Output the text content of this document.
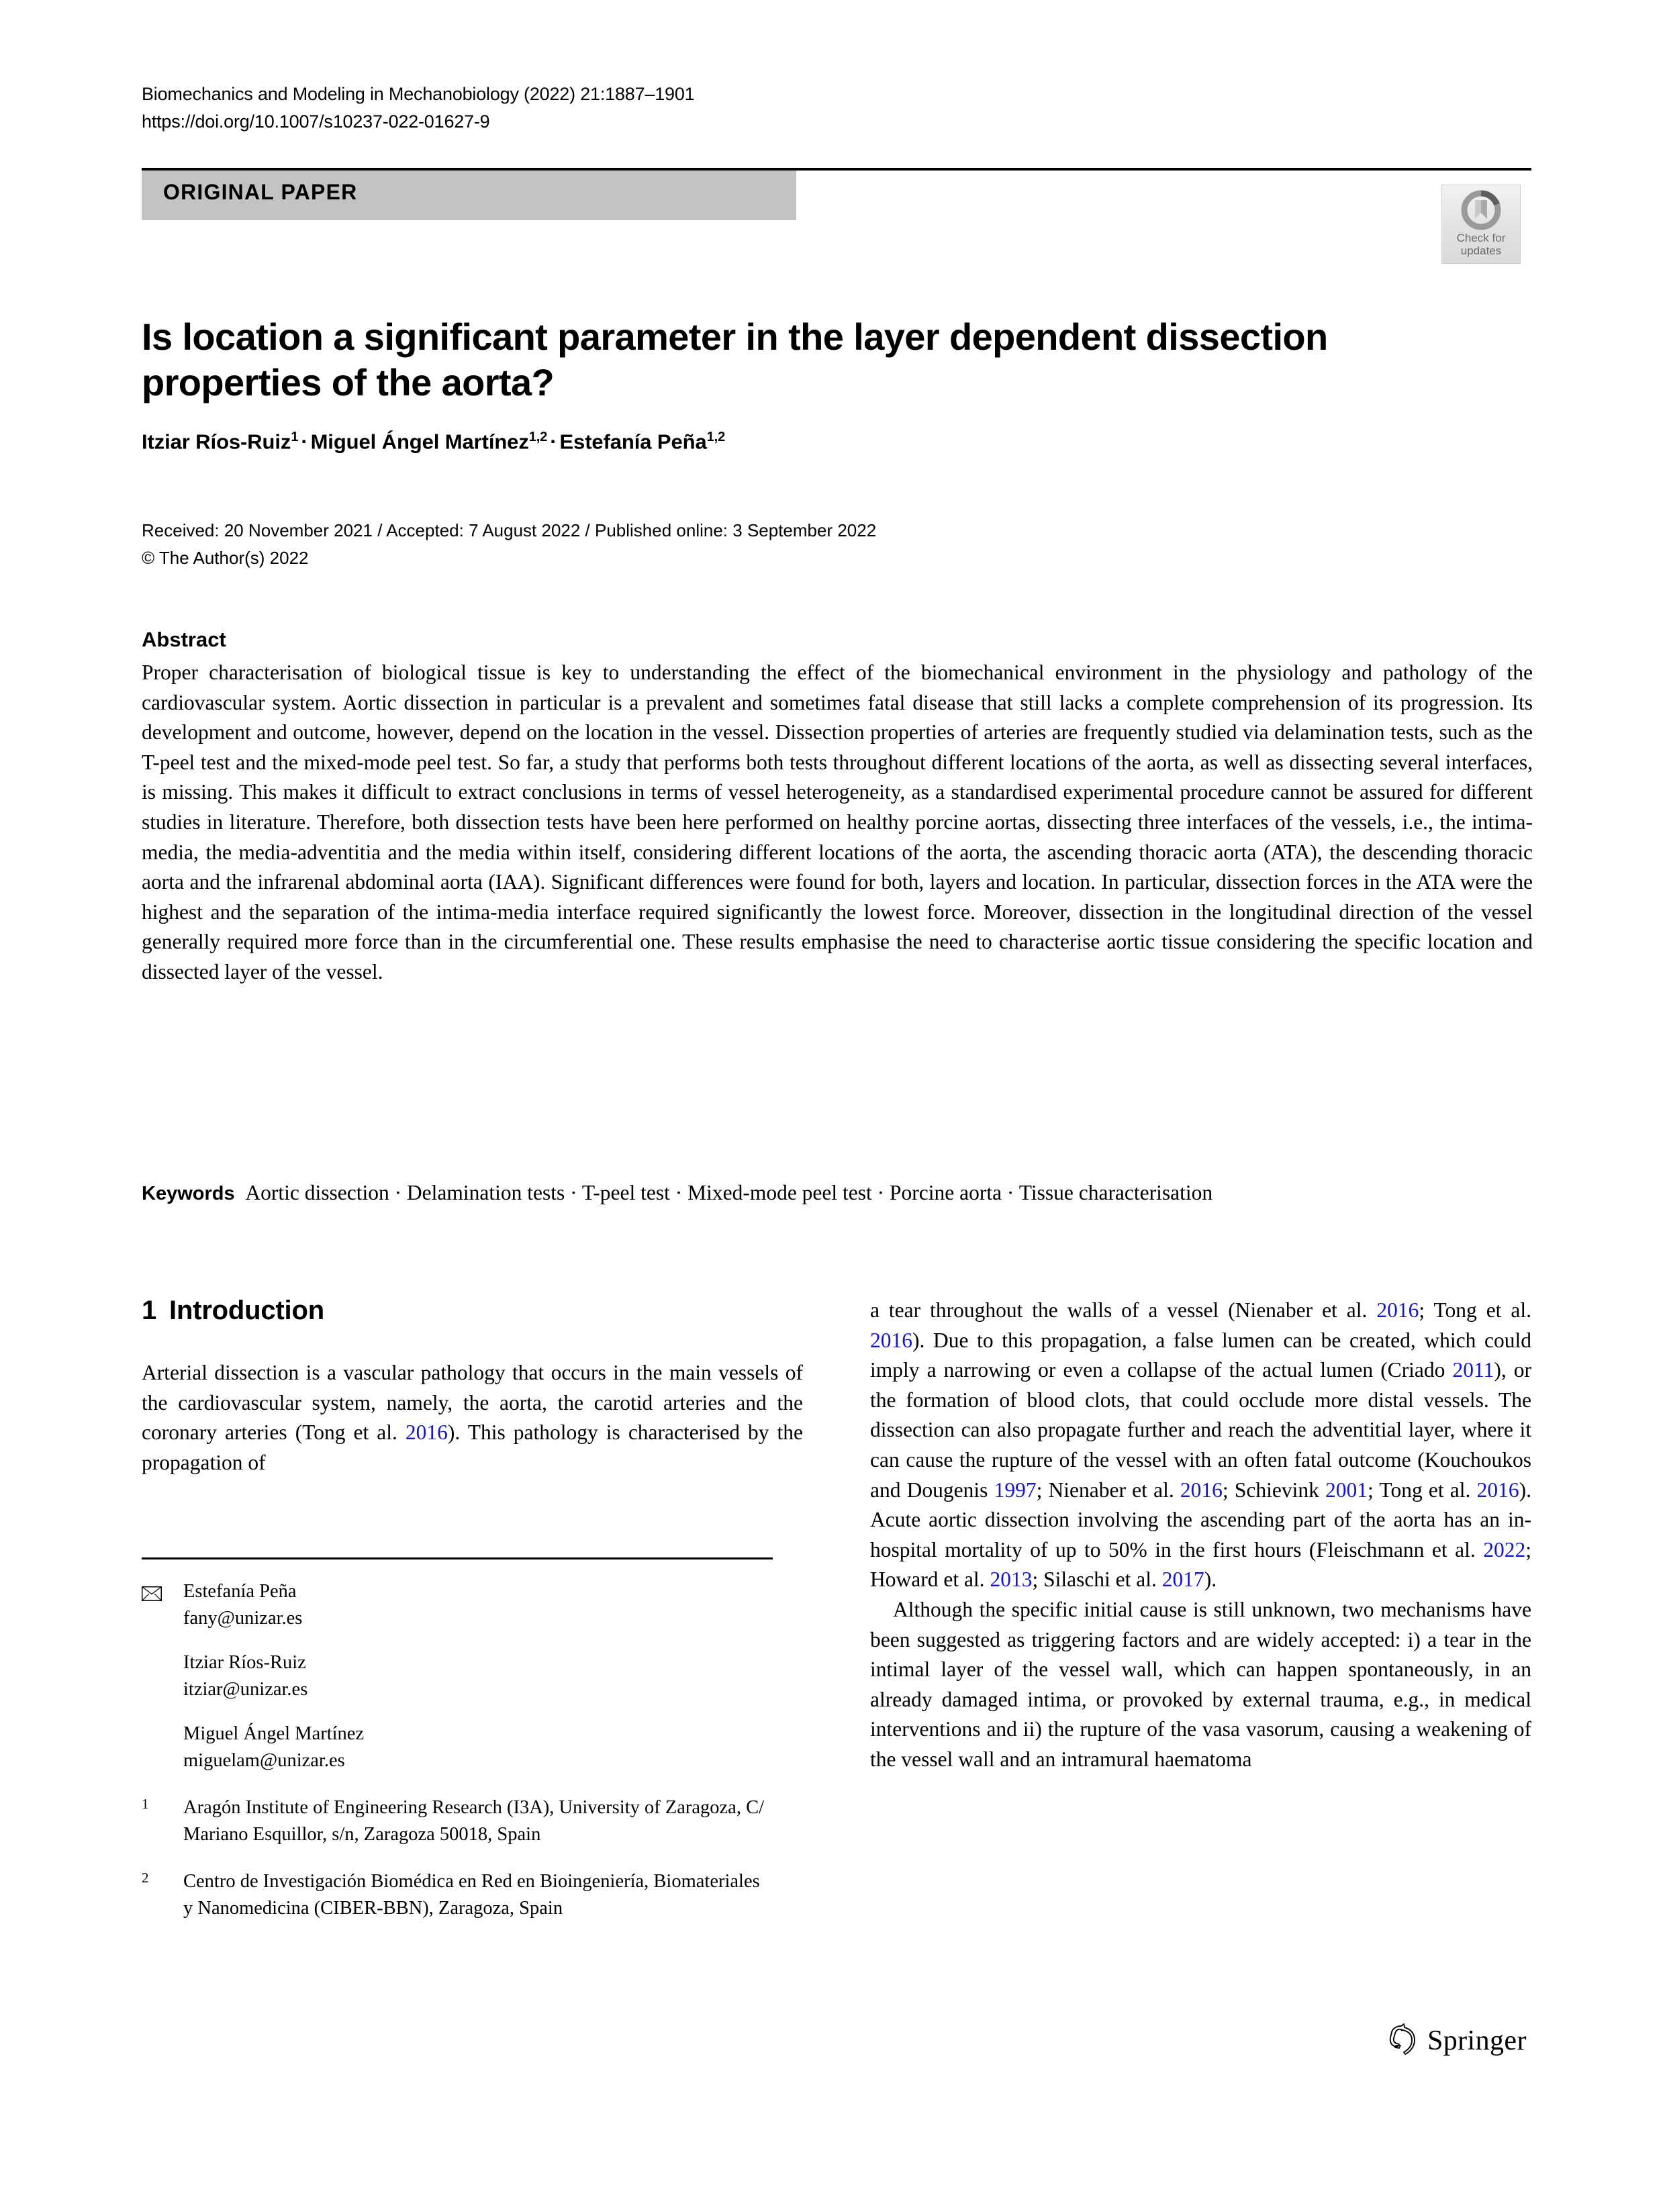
Biomechanics and Modeling in Mechanobiology (2022) 21:1887–1901
https://doi.org/10.1007/s10237-022-01627-9
ORIGINAL PAPER
Check for
updates
Is location a significant parameter in the layer dependent dissection properties of the aorta?
Itziar Ríos-Ruiz$^1$ · Miguel Ángel Martínez$^{1,2}$ · Estefanía Peña$^{1,2}$
Received: 20 November 2021 / Accepted: 7 August 2022 / Published online: 3 September 2022
© The Author(s) 2022
Abstract
Proper characterisation of biological tissue is key to understanding the effect of the biomechanical environment in the physiology and pathology of the cardiovascular system. Aortic dissection in particular is a prevalent and sometimes fatal disease that still lacks a complete comprehension of its progression. Its development and outcome, however, depend on the location in the vessel. Dissection properties of arteries are frequently studied via delamination tests, such as the T-peel test and the mixed-mode peel test. So far, a study that performs both tests throughout different locations of the aorta, as well as dissecting several interfaces, is missing. This makes it difficult to extract conclusions in terms of vessel heterogeneity, as a standardised experimental procedure cannot be assured for different studies in literature. Therefore, both dissection tests have been here performed on healthy porcine aortas, dissecting three interfaces of the vessels, i.e., the intima-media, the media-adventitia and the media within itself, considering different locations of the aorta, the ascending thoracic aorta (ATA), the descending thoracic aorta and the infrarenal abdominal aorta (IAA). Significant differences were found for both, layers and location. In particular, dissection forces in the ATA were the highest and the separation of the intima-media interface required significantly the lowest force. Moreover, dissection in the longitudinal direction of the vessel generally required more force than in the circumferential one. These results emphasise the need to characterise aortic tissue considering the specific location and dissected layer of the vessel.
Keywords Aortic dissection · Delamination tests · T-peel test · Mixed-mode peel test · Porcine aorta · Tissue characterisation
1 Introduction

Arterial dissection is a vascular pathology that occurs in the main vessels of the cardiovascular system, namely, the aorta, the carotid arteries and the coronary arteries (Tong et al. 2016). This pathology is characterised by the propagation of

Estefanía Peña
fany@unizar.es
Itziar Ríos-Ruiz
itziar@unizar.es
Miguel Ángel Martínez
miguelam@unizar.es
1 Aragón Institute of Engineering Research (I3A), University of Zaragoza, C/ Mariano Esquillor, s/n, Zaragoza 50018, Spain
2 Centro de Investigación Biomédica en Red en Bioingeniería, Biomateriales y Nanomedicina (CIBER-BBN), Zaragoza, Spain

a tear throughout the walls of a vessel (Nienaber et al. 2016; Tong et al. 2016). Due to this propagation, a false lumen can be created, which could imply a narrowing or even a collapse of the actual lumen (Criado 2011), or the formation of blood clots, that could occlude more distal vessels. The dissection can also propagate further and reach the adventitial layer, where it can cause the rupture of the vessel with an often fatal outcome (Kouchoukos and Dougenis 1997; Nienaber et al. 2016; Schievink 2001; Tong et al. 2016). Acute aortic dissection involving the ascending part of the aorta has an in-hospital mortality of up to 50% in the first hours (Fleischmann et al. 2022; Howard et al. 2013; Silaschi et al. 2017).

Although the specific initial cause is still unknown, two mechanisms have been suggested as triggering factors and are widely accepted: i) a tear in the intimal layer of the vessel wall, which can happen spontaneously, in an already damaged intima, or provoked by external trauma, e.g., in medical interventions and ii) the rupture of the vasa vasorum, causing a weakening of the vessel wall and an intramural haematoma

Springer
